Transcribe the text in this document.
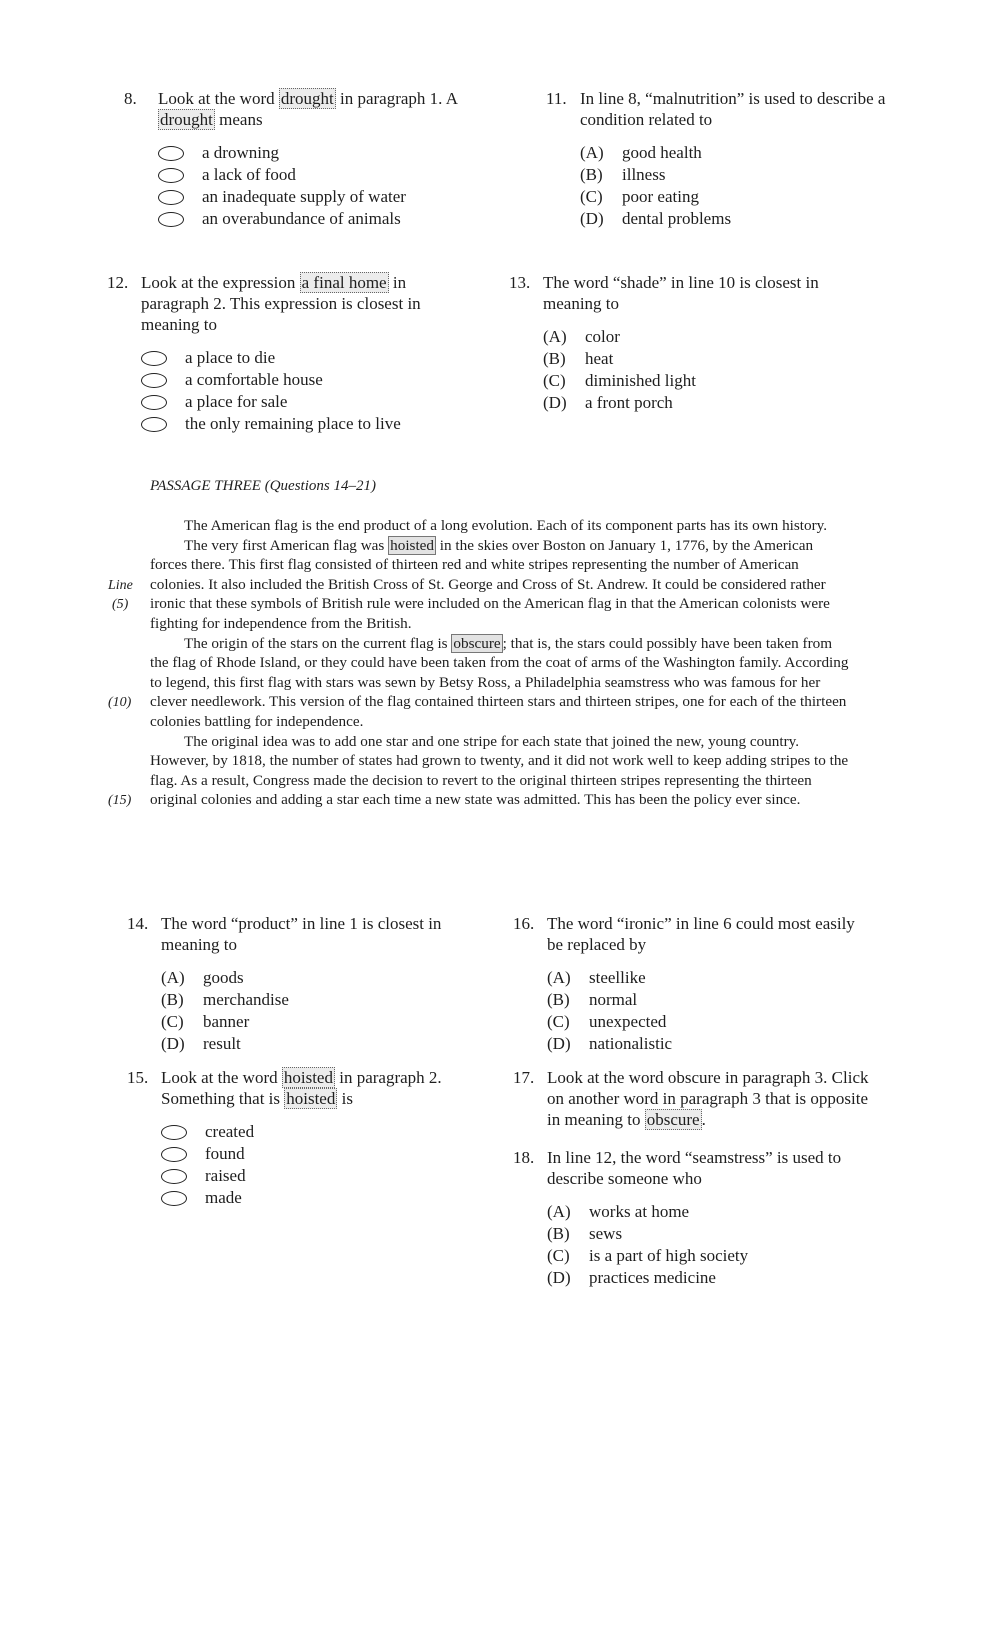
8. Look at the word drought in paragraph 1. A drought means
a drowning
a lack of food
an inadequate supply of water
an overabundance of animals
11. In line 8, “malnutrition” is used to describe a condition related to
(A)	good health
(B)	illness
(C)	poor eating
(D)	dental problems
12. Look at the expression a final home in paragraph 2. This expression is closest in meaning to
a place to die
a comfortable house
a place for sale
the only remaining place to live
13. The word “shade” in line 10 is closest in meaning to
(A)	color
(B)	heat
(C)	diminished light
(D)	a front porch
PASSAGE THREE (Questions 14–21)
Line
(5)
(10)
(15)

The American flag is the end product of a long evolution. Each of its component parts has its own history.

The very first American flag was hoisted in the skies over Boston on January 1, 1776, by the American forces there. This first flag consisted of thirteen red and white stripes representing the number of American colonies. It also included the British Cross of St. George and Cross of St. Andrew. It could be considered rather ironic that these symbols of British rule were included on the American flag in that the American colonists were fighting for independence from the British.

The origin of the stars on the current flag is obscure ; that is, the stars could possibly have been taken from the flag of Rhode Island, or they could have been taken from the coat of arms of the Washington family. According to legend, this first flag with stars was sewn by Betsy Ross, a Philadelphia seamstress who was famous for her clever needlework. This version of the flag contained thirteen stars and thirteen stripes, one for each of the thirteen colonies battling for independence.

The original idea was to add one star and one stripe for each state that joined the new, young country. However, by 1818, the number of states had grown to twenty, and it did not work well to keep adding stripes to the flag. As a result, Congress made the decision to revert to the original thirteen stripes representing the thirteen original colonies and adding a star each time a new state was admitted. This has been the policy ever since.

14. The word “product” in line 1 is closest in meaning to
(A)	goods
(B)	merchandise
(C)	banner
(D)	result
15. Look at the word hoisted in paragraph 2. Something that is hoisted is
created
found
raised
made
16. The word “ironic” in line 6 could most easily be replaced by
(A)	steellike
(B)	normal
(C)	unexpected
(D)	nationalistic
17. Look at the word obscure in paragraph 3. Click on another word in paragraph 3 that is opposite in meaning to obscure .
18. In line 12, the word “seamstress” is used to describe someone who
(A)	works at home
(B)	sews
(C)	is a part of high society
(D)	practices medicine
